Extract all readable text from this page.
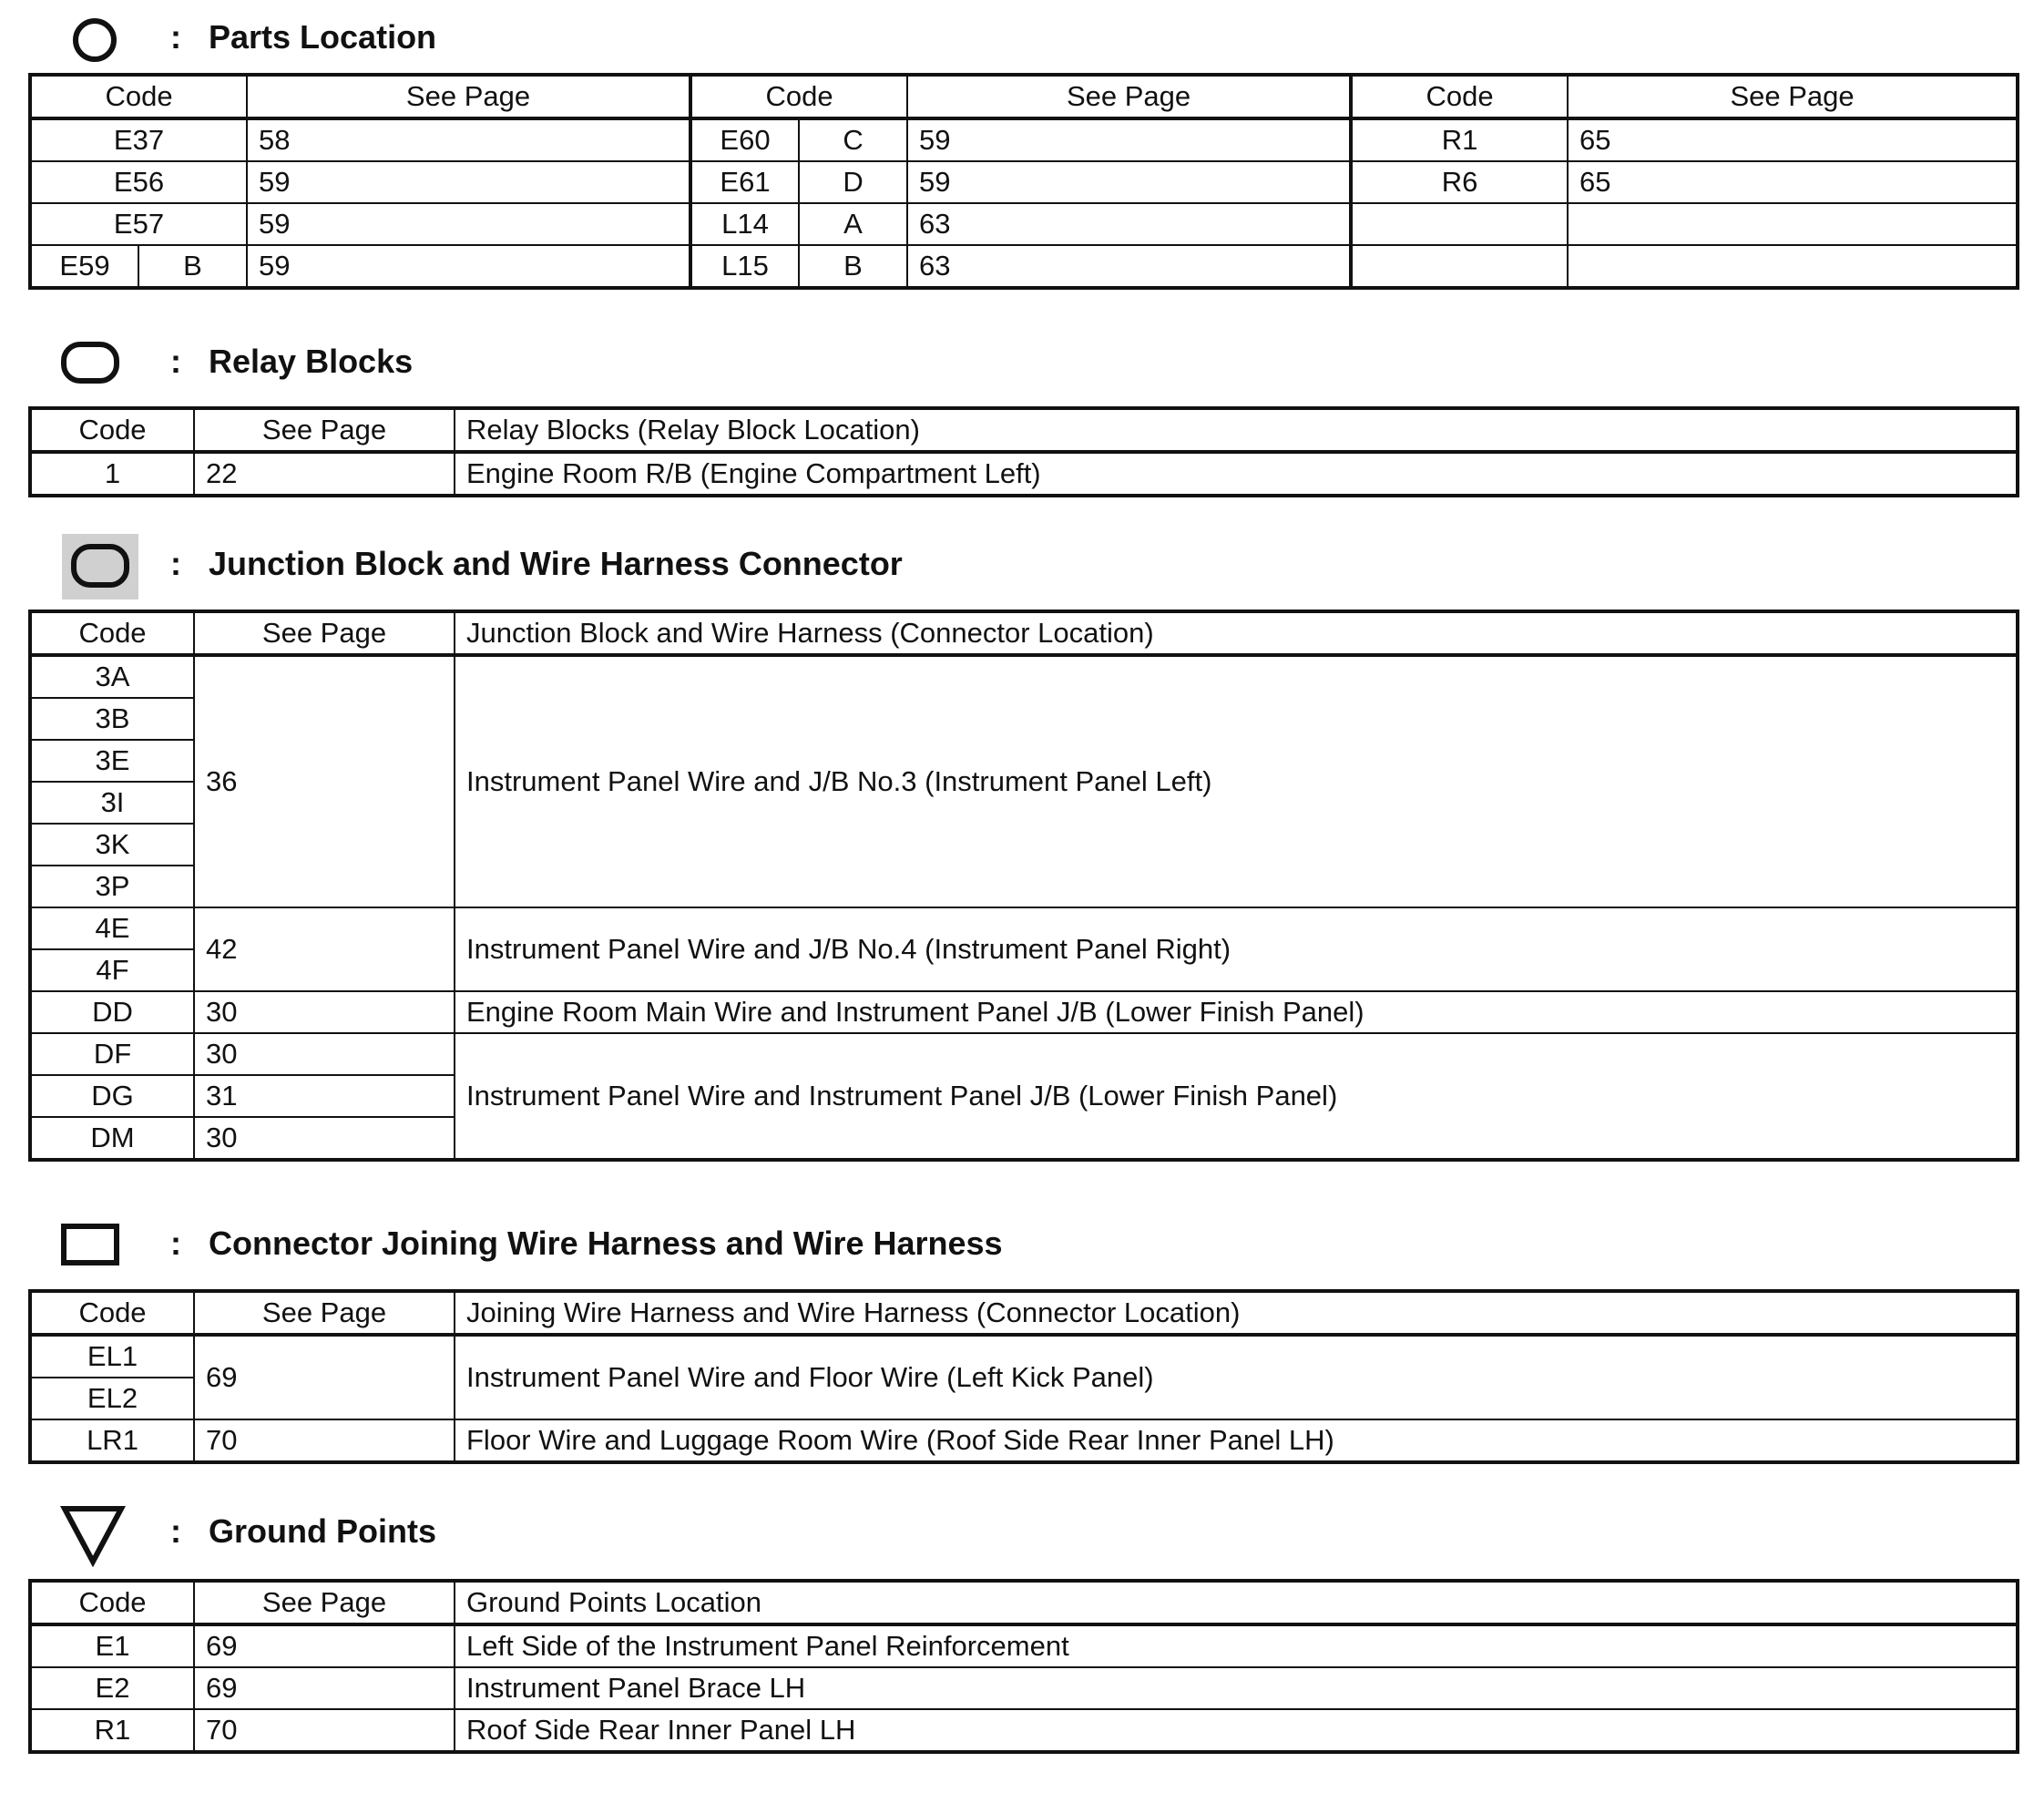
: Parts Location
Code		See Page	Code		See Page	Code	See Page
E37		58	E60	C	59	R1	65
E56		59	E61	D	59	R6	65
E57		59	L14	A	63		
E59	B	59	L15	B	63		
: Relay Blocks
Code	See Page	Relay Blocks (Relay Block Location)
1	22	Engine Room R/B (Engine Compartment Left)
: Junction Block and Wire Harness Connector
Code	See Page	Junction Block and Wire Harness (Connector Location)
3A	36	Instrument Panel Wire and J/B No.3 (Instrument Panel Left)
3B		
3E		
3I		
3K		
3P		
4E	42	Instrument Panel Wire and J/B No.4 (Instrument Panel Right)
4F		
DD	30	Engine Room Main Wire and Instrument Panel J/B (Lower Finish Panel)
DF	30	Instrument Panel Wire and Instrument Panel J/B (Lower Finish Panel)
DG	31	
DM	30	
: Connector Joining Wire Harness and Wire Harness
Code	See Page	Joining Wire Harness and Wire Harness (Connector Location)
EL1	69	Instrument Panel Wire and Floor Wire (Left Kick Panel)
EL2		
LR1	70	Floor Wire and Luggage Room Wire (Roof Side Rear Inner Panel LH)
: Ground Points
Code	See Page	Ground Points Location
E1	69	Left Side of the Instrument Panel Reinforcement
E2	69	Instrument Panel Brace LH
R1	70	Roof Side Rear Inner Panel LH
